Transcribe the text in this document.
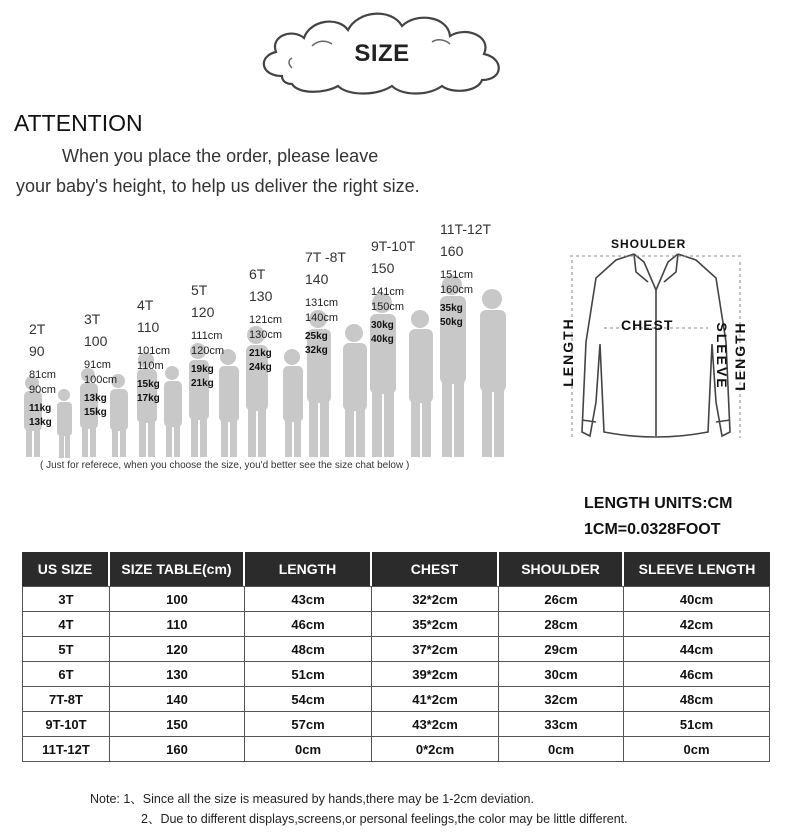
SIZE
ATTENTION
When you place the order, please leave
your baby's height, to help us deliver the right size.
2T
90
81cm
90cm
11kg
13kg
3T
100
91cm
100cm
13kg
15kg
4T
110
101cm
110m
15kg
17kg
5T
120
111cm
120cm
19kg
21kg
6T
130
121cm
130cm
21kg
24kg
7T -8T
140
131cm
140cm
25kg
32kg
9T-10T
150
141cm
150cm
30kg
40kg
11T-12T
160
151cm
160cm
35kg
50kg
( Just for referece, when you choose the size, you'd better see the size chat below )
SHOULDER
CHEST
LENGTH	SLEEVE LENGTH
LENGTH UNITS:CM
1CM=0.0328FOOT
US SIZE	SIZE TABLE(cm)	LENGTH	CHEST	SHOULDER	SLEEVE LENGTH
3T	100	43cm	32*2cm	26cm	40cm
4T	110	46cm	35*2cm	28cm	42cm
5T	120	48cm	37*2cm	29cm	44cm
6T	130	51cm	39*2cm	30cm	46cm
7T-8T	140	54cm	41*2cm	32cm	48cm
9T-10T	150	57cm	43*2cm	33cm	51cm
11T-12T	160	0cm	0*2cm	0cm	0cm
Note: 1、Since all the size is measured by hands,there may be 1-2cm deviation.
2、Due to different displays,screens,or personal feelings,the color may be little different.
